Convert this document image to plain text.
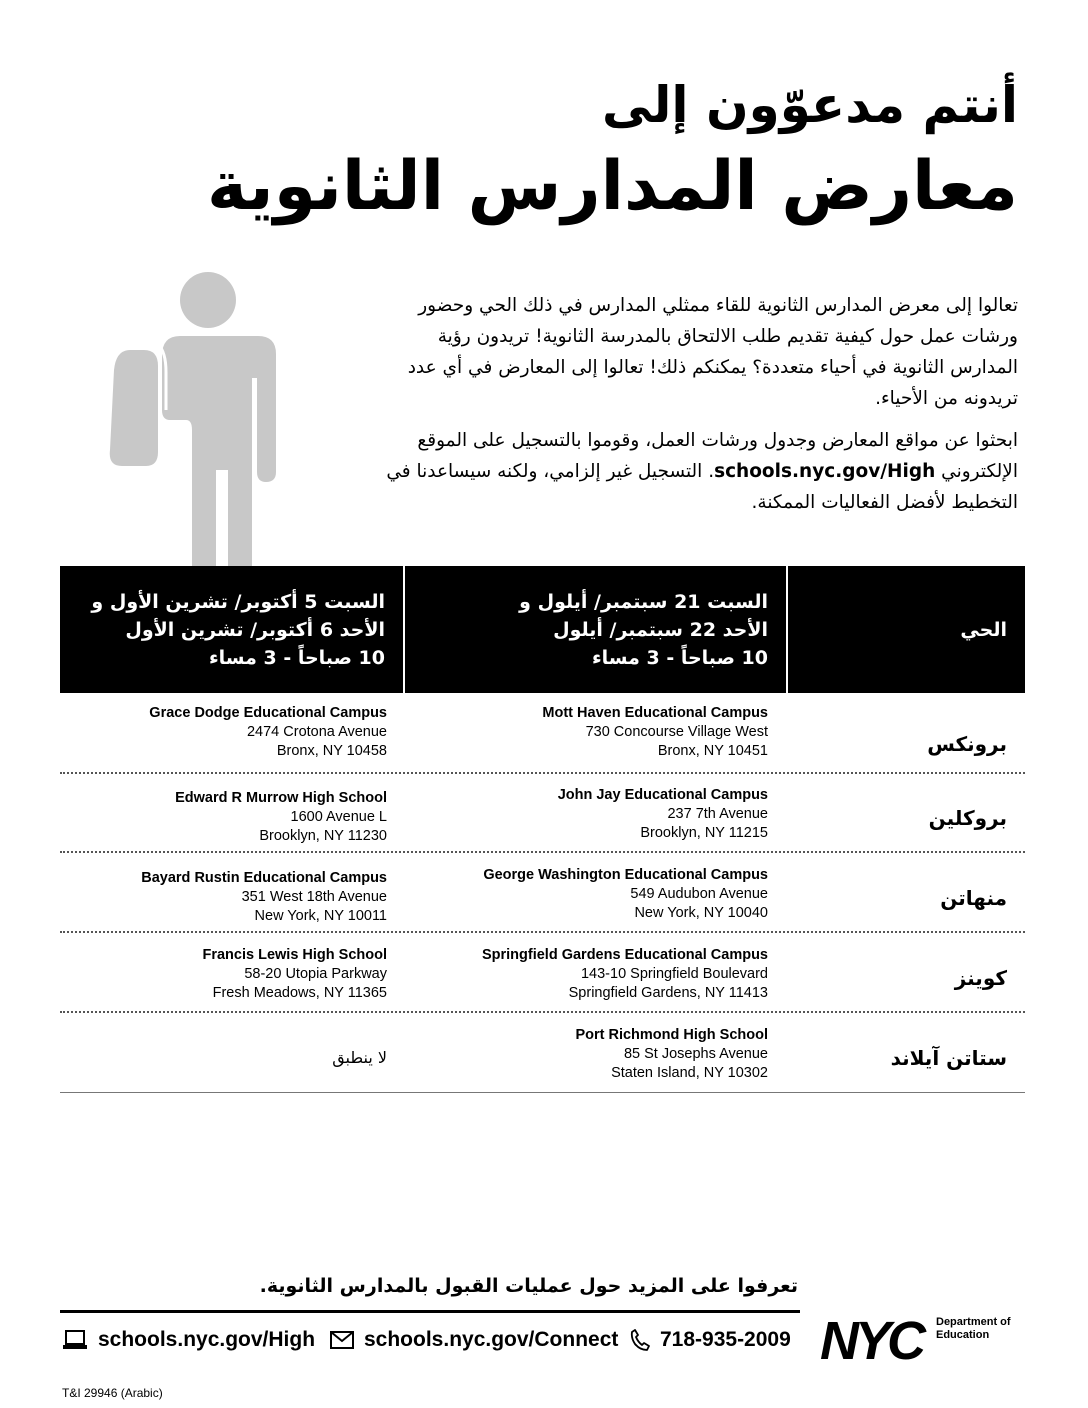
أنتم مدعوّون إلى
معارض المدارس الثانوية
تعالوا إلى معرض المدارس الثانوية للقاء ممثلي المدارس في ذلك الحي وحضور ورشات عمل حول كيفية تقديم طلب الالتحاق بالمدرسة الثانوية! تريدون رؤية المدارس الثانوية في أحياء متعددة؟ يمكنكم ذلك! تعالوا إلى المعارض في أي عدد تريدونه من الأحياء.
ابحثوا عن مواقع المعارض وجدول ورشات العمل، وقوموا بالتسجيل على الموقع الإلكتروني schools.nyc.gov/High. التسجيل غير إلزامي، ولكنه سيساعدنا في التخطيط لأفضل الفعاليات الممكنة.
السبت 5 أكتوبر/ تشرين الأول و
الأحد 6 أكتوبر/ تشرين الأول
10 صباحاً - 3 مساء
السبت 21 سبتمبر/ أيلول و
الأحد 22 سبتمبر/ أيلول
10 صباحاً - 3 مساء
الحي
Grace Dodge Educational Campus
2474 Crotona Avenue
Bronx, NY 10458
Mott Haven Educational Campus
730 Concourse Village West
Bronx, NY 10451	برونكس
Edward R Murrow High School
1600 Avenue L
Brooklyn, NY 11230
John Jay Educational Campus
237 7th Avenue
Brooklyn, NY 11215
بروكلين
Bayard Rustin Educational Campus
351 West 18th Avenue
New York, NY 10011
George Washington Educational Campus
549 Audubon Avenue
New York, NY 10040
منهاتن
Francis Lewis High School
58-20 Utopia Parkway
Fresh Meadows, NY 11365
Springfield Gardens Educational Campus
143-10 Springfield Boulevard
Springfield Gardens, NY 11413
كوينز
لا ينطبق
Port Richmond High School
85 St Josephs Avenue
Staten Island, NY 10302
ستاتن آيلاند
تعرفوا على المزيد حول عمليات القبول بالمدارس الثانوية.
schools.nyc.gov/High schools.nyc.gov/Connect 718-935-2009 NYC	Department of
Education
T&I 29946 (Arabic)
